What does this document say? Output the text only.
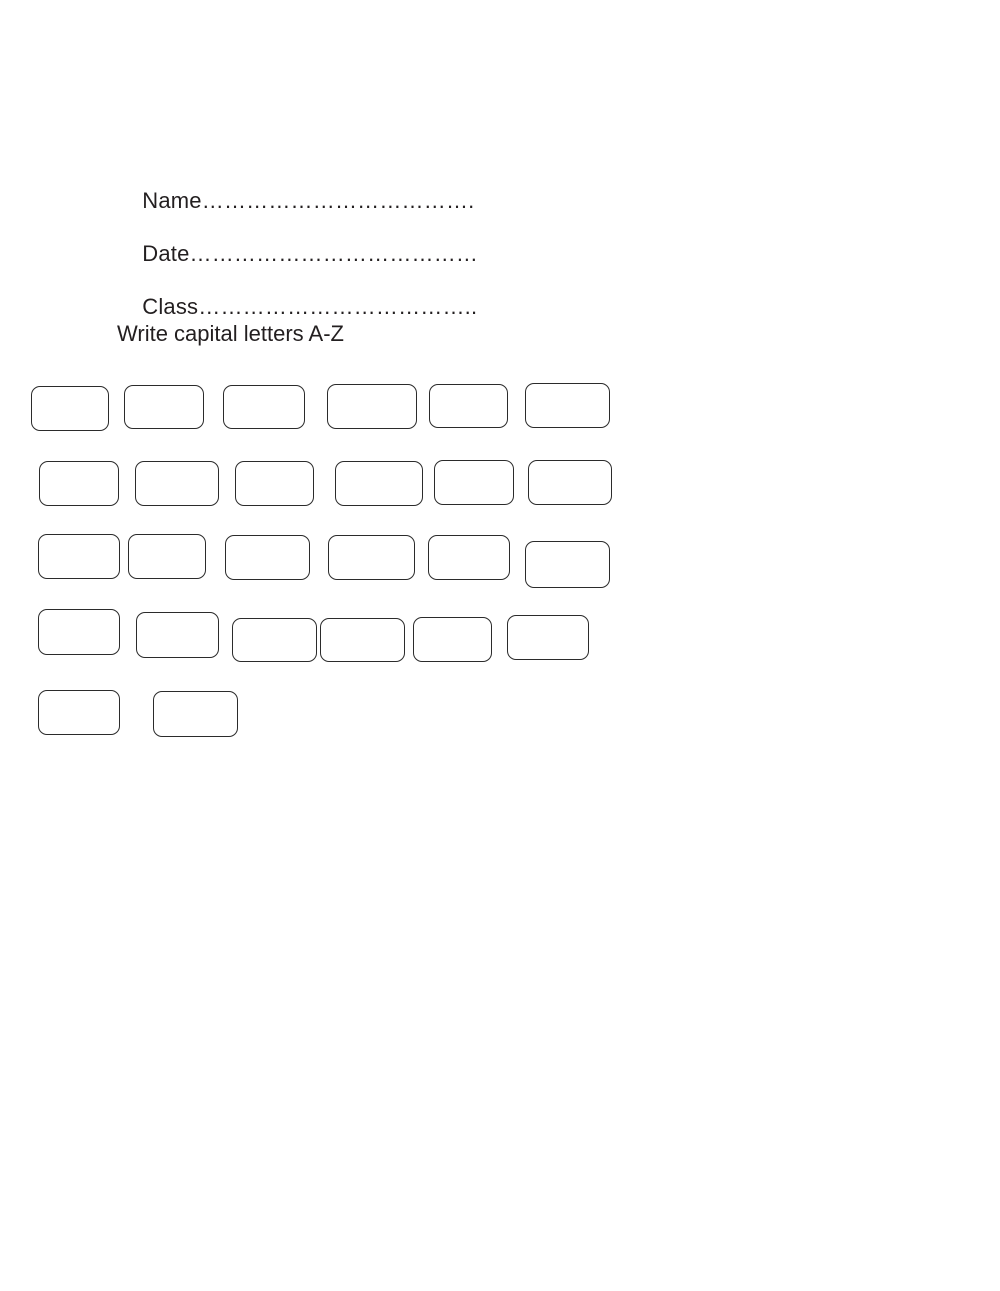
Name……………………………….

Date…………………………………

Class………………………………..

Write capital letters A-Z
